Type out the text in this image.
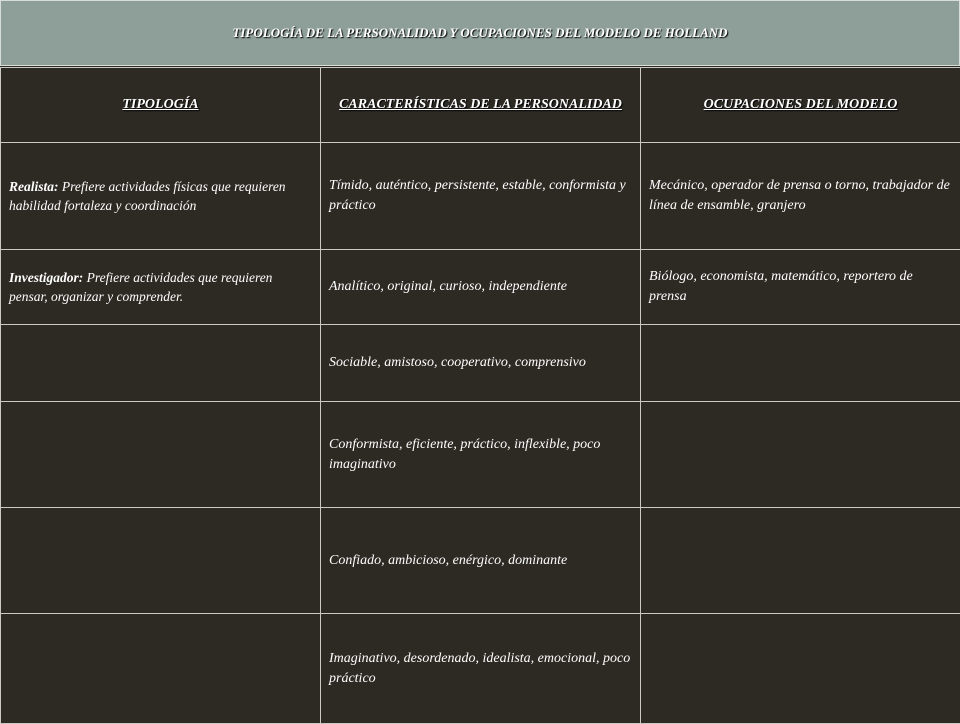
TIPOLOGÍA DE LA PERSONALIDAD Y OCUPACIONES DEL MODELO DE HOLLAND
TIPOLOGÍA	CARACTERÍSTICAS DE LA PERSONALIDAD	OCUPACIONES DEL MODELO
Realista: Prefiere actividades físicas que requieren habilidad fortaleza y coordinación	Tímido, auténtico, persistente, estable, conformista y práctico	Mecánico, operador de prensa o torno, trabajador de línea de ensamble, granjero
Investigador: Prefiere actividades que requieren pensar, organizar y comprender.	Analítico, original, curioso, independiente	Biólogo, economista, matemático, reportero de prensa
	Sociable, amistoso, cooperativo, comprensivo	
	Conformista, eficiente, práctico, inflexible, poco imaginativo	
	Confiado, ambicioso, enérgico, dominante	
	Imaginativo, desordenado, idealista, emocional, poco práctico	
